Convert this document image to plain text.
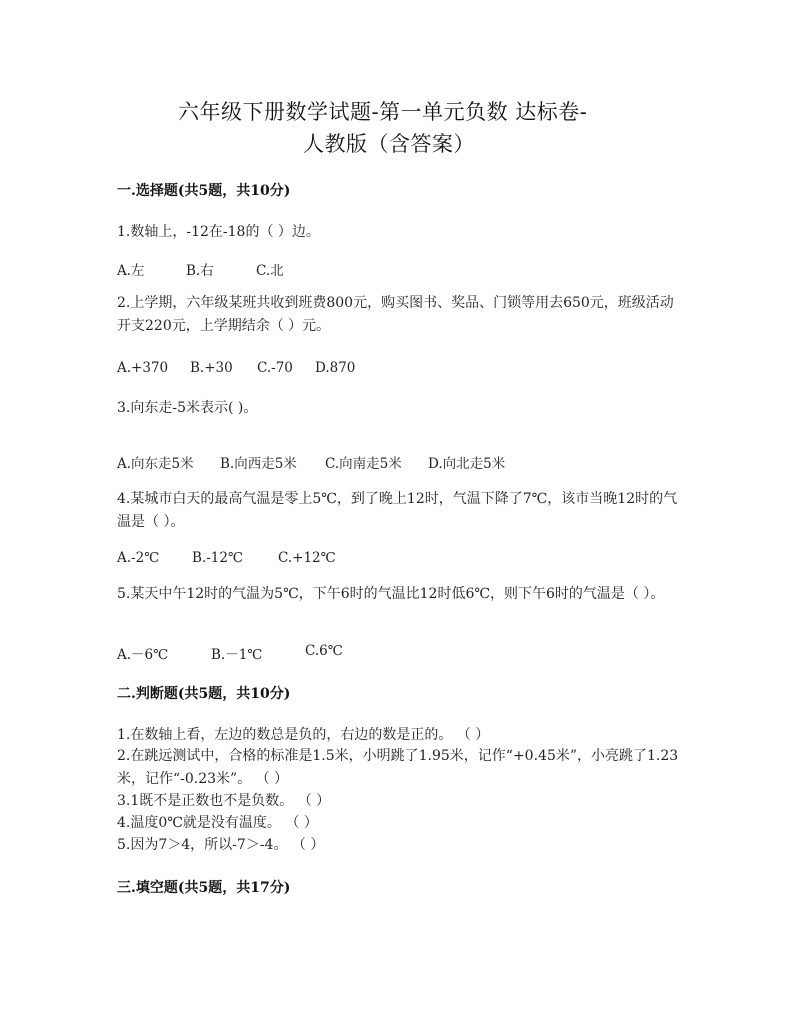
六年级下册数学试题-第一单元负数 达标卷-
人教版（含答案）
一.选择题(共5题，共10分)
1.数轴上，-12在-18的（ ）边。
A.左	B.右	C.北
2.上学期，六年级某班共收到班费800元，购买图书、奖品、门锁等用去650元，班级活动开支220元，上学期结余（ ）元。
A.+370 B.+30 C.-70 D.870
3.向东走-5米表示( )。
A.向东走5米 B.向西走5米 C.向南走5米 D.向北走5米
4.某城市白天的最高气温是零上5℃，到了晚上12时，气温下降了7℃，该市当晚12时的气温是（ ）。
A.-2℃ B.-12℃	C.+12℃
5.某天中午12时的气温为5℃，下午6时的气温比12时低6℃，则下午6时的气温是（ ）。
A.－6℃	B.－1℃	C.6℃
二.判断题(共5题，共10分)
1.在数轴上看，左边的数总是负的，右边的数是正的。 （ ）
2.在跳远测试中，合格的标准是1.5米，小明跳了1.95米，记作“+0.45米”，小亮跳了1.23米，记作“-0.23米”。 （ ）
3.1既不是正数也不是负数。 （ ）
4.温度0℃就是没有温度。 （ ）
5.因为7＞4，所以-7＞-4。 （ ）
三.填空题(共5题，共17分)
